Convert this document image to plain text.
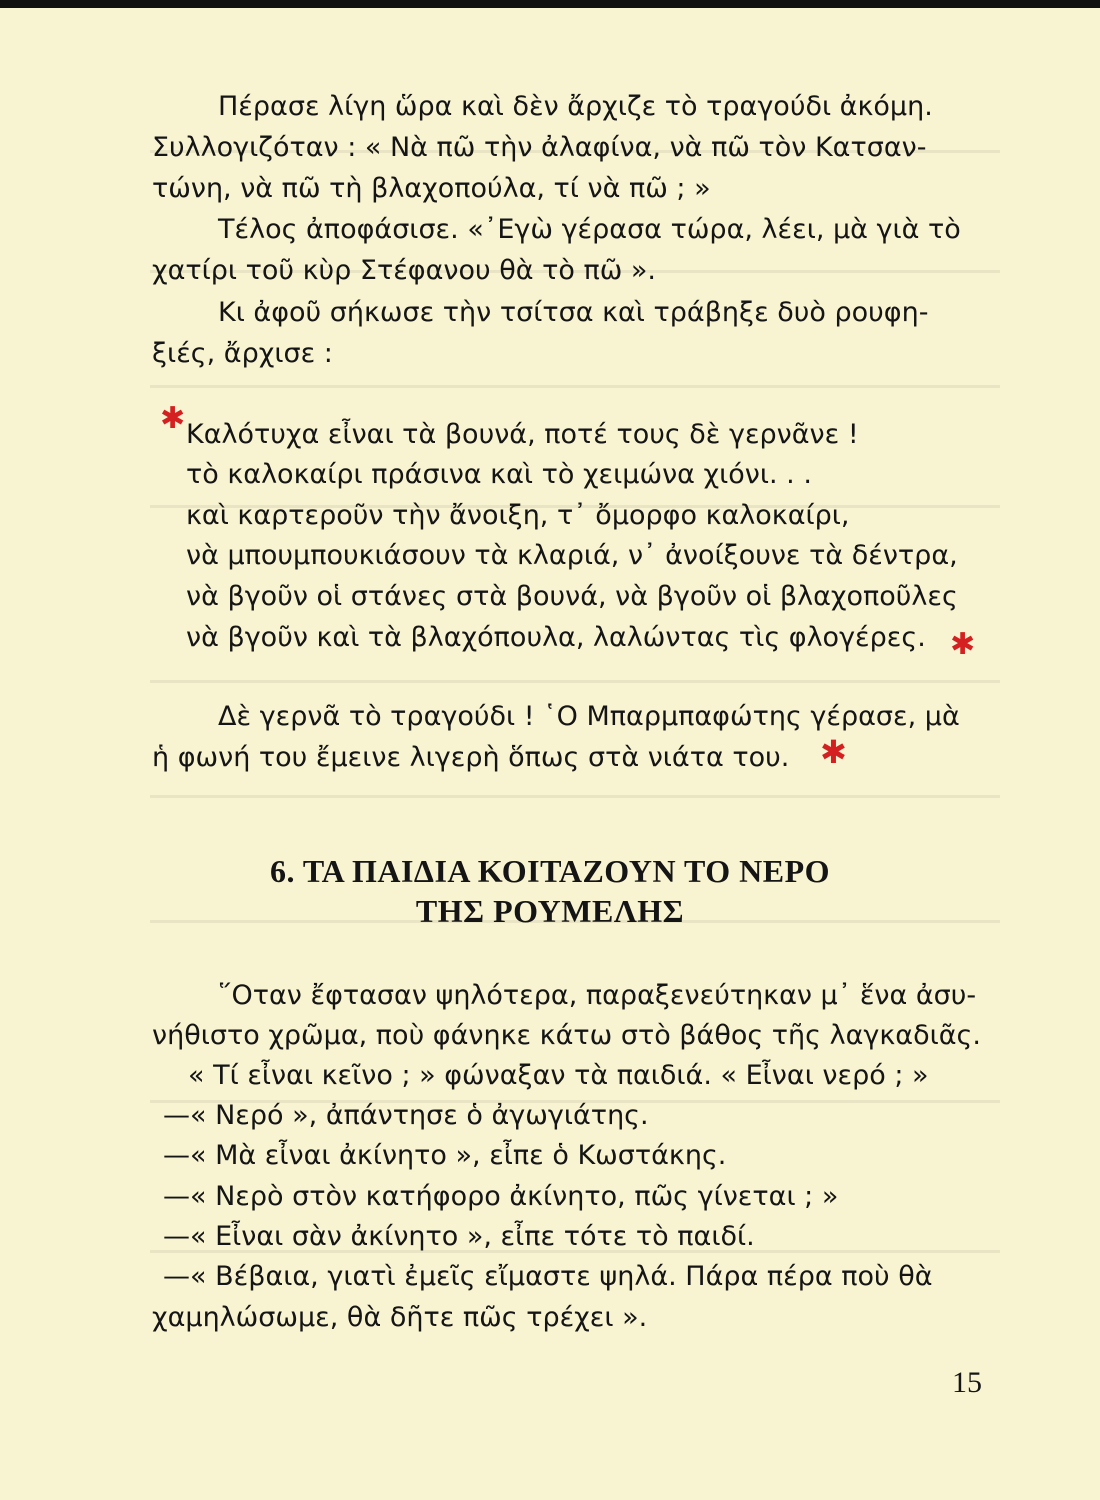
Πέρασε λίγη ὥρα καὶ δὲν ἄρχιζε τὸ τραγούδι ἀκόμη.
Συλλογιζόταν : « Νὰ πῶ τὴν ἀλαφίνα, νὰ πῶ τὸν Κατσαν-
τώνη, νὰ πῶ τὴ βλαχοπούλα, τί νὰ πῶ ; »
Τέλος ἀποφάσισε. «᾿Εγὼ γέρασα τώρα, λέει, μὰ γιὰ τὸ
χατίρι τοῦ κὺρ Στέφανου θὰ τὸ πῶ ».
Κι ἀφοῦ σήκωσε τὴν τσίτσα καὶ τράβηξε δυὸ ρουφη-
ξιές, ἄρχισε :
✱ Καλότυχα εἶναι τὰ βουνά, ποτέ τους δὲ γερνᾶνε !
τὸ καλοκαίρι πράσινα καὶ τὸ χειμώνα χιόνι. . .
καὶ καρτεροῦν τὴν ἄνοιξη, τ᾿ ὄμορφο καλοκαίρι,
νὰ μπουμπουκιάσουν τὰ κλαριά, ν᾿ ἀνοίξουνε τὰ δέντρα,
νὰ βγοῦν οἱ στάνες στὰ βουνά, νὰ βγοῦν οἱ βλαχοποῦλες
νὰ βγοῦν καὶ τὰ βλαχόπουλα, λαλώντας τὶς φλογέρες. ✱
Δὲ γερνᾶ τὸ τραγούδι ! ῾Ο Μπαρμπαφώτης γέρασε, μὰ
ἡ φωνή του ἔμεινε λιγερὴ ὅπως στὰ νιάτα του. ✱
6. ΤΑ ΠΑΙΔΙΑ ΚΟΙΤΑΖΟΥΝ ΤΟ ΝΕΡΟ
ΤΗΣ ΡΟΥΜΕΛΗΣ
῞Οταν ἔφτασαν ψηλότερα, παραξενεύτηκαν μ᾿ ἕνα ἀσυ-
νήθιστο χρῶμα, ποὺ φάνηκε κάτω στὸ βάθος τῆς λαγκαδιᾶς.
« Τί εἶναι κεῖνο ; » φώναξαν τὰ παιδιά. « Εἶναι νερό ; »
—« Νερό », ἀπάντησε ὁ ἀγωγιάτης.
—« Μὰ εἶναι ἀκίνητο », εἶπε ὁ Κωστάκης.
—« Νερὸ στὸν κατήφορο ἀκίνητο, πῶς γίνεται ; »
—« Εἶναι σὰν ἀκίνητο », εἶπε τότε τὸ παιδί.
—« Βέβαια, γιατὶ ἐμεῖς εἴμαστε ψηλά. Πάρα πέρα ποὺ θὰ
χαμηλώσωμε, θὰ δῆτε πῶς τρέχει ».
15
